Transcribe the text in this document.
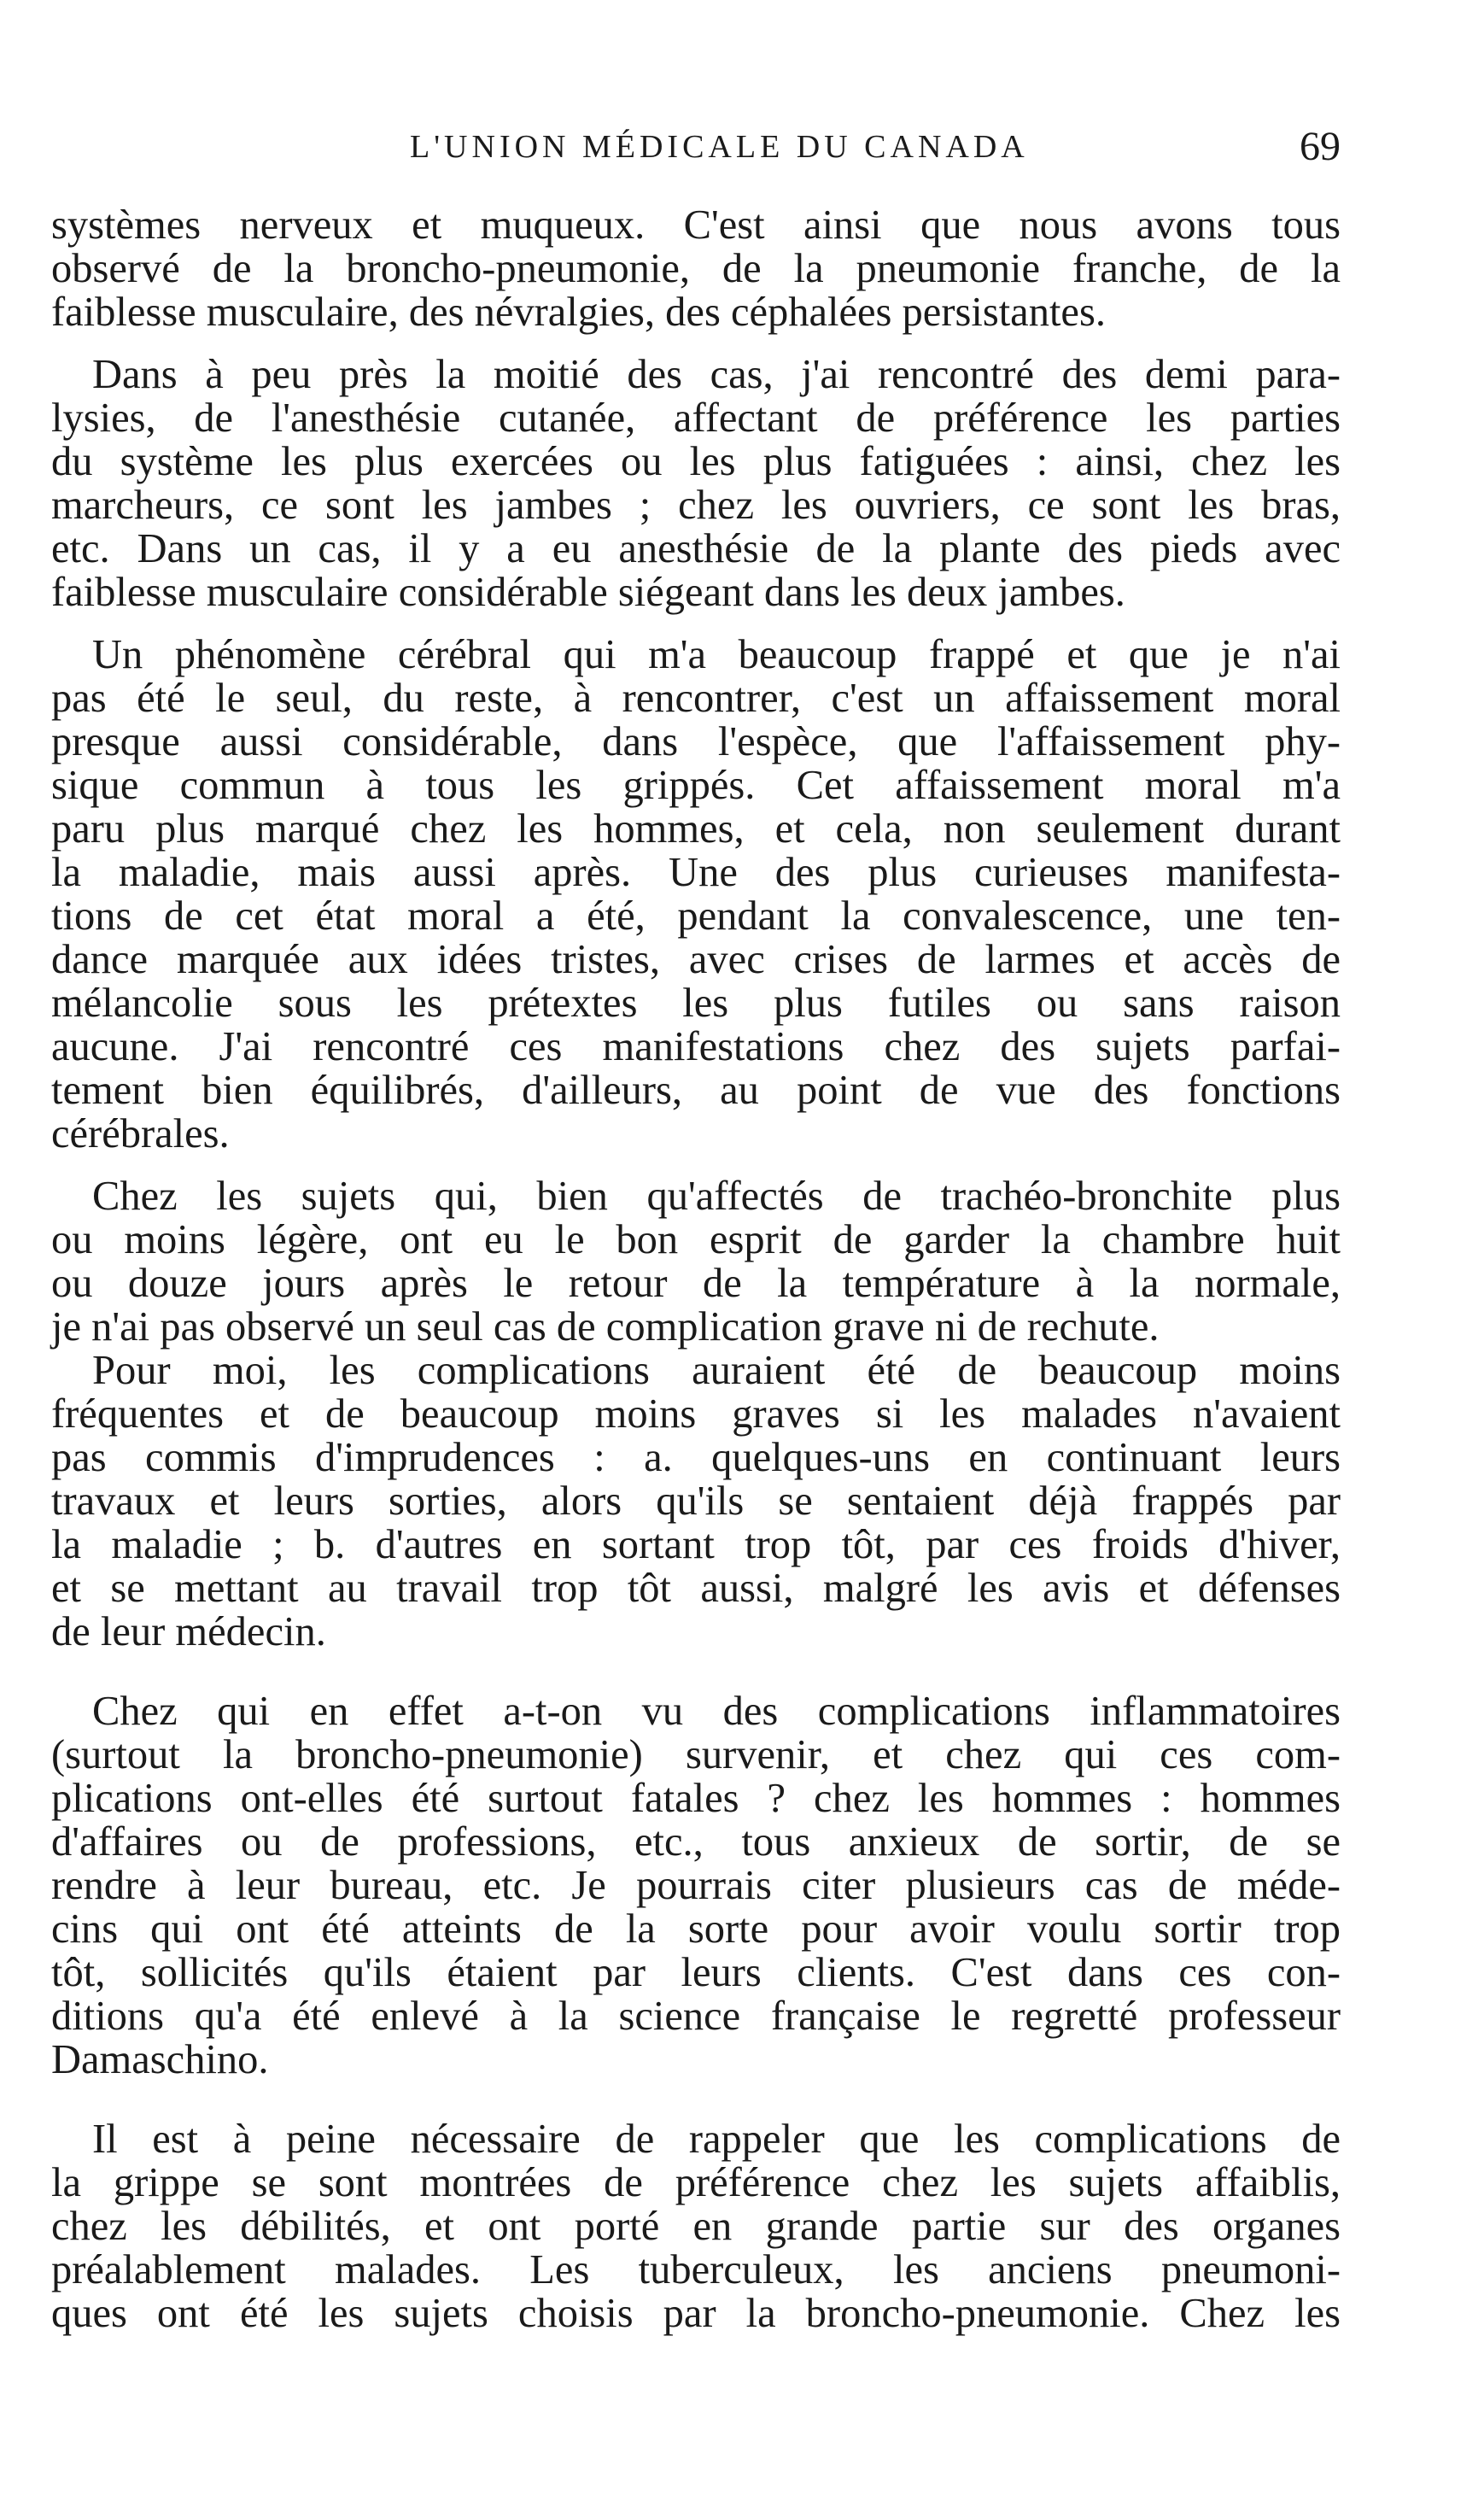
L'UNION MÉDICALE DU CANADA	69
systèmes nerveux et muqueux. C'est ainsi que nous avons tous
observé de la broncho-pneumonie, de la pneumonie franche, de la
faiblesse musculaire, des névralgies, des céphalées persistantes.
Dans à peu près la moitié des cas, j'ai rencontré des demi para-
lysies, de l'anesthésie cutanée, affectant de préférence les parties
du système les plus exercées ou les plus fatiguées : ainsi, chez les
marcheurs, ce sont les jambes ; chez les ouvriers, ce sont les bras,
etc. Dans un cas, il y a eu anesthésie de la plante des pieds avec
faiblesse musculaire considérable siégeant dans les deux jambes.
Un phénomène cérébral qui m'a beaucoup frappé et que je n'ai
pas été le seul, du reste, à rencontrer, c'est un affaissement moral
presque aussi considérable, dans l'espèce, que l'affaissement phy-
sique commun à tous les grippés. Cet affaissement moral m'a
paru plus marqué chez les hommes, et cela, non seulement durant
la maladie, mais aussi après. Une des plus curieuses manifesta-
tions de cet état moral a été, pendant la convalescence, une ten-
dance marquée aux idées tristes, avec crises de larmes et accès de
mélancolie sous les prétextes les plus futiles ou sans raison
aucune. J'ai rencontré ces manifestations chez des sujets parfai-
tement bien équilibrés, d'ailleurs, au point de vue des fonctions
cérébrales.
Chez les sujets qui, bien qu'affectés de trachéo-bronchite plus
ou moins légère, ont eu le bon esprit de garder la chambre huit
ou douze jours après le retour de la température à la normale,
je n'ai pas observé un seul cas de complication grave ni de rechute.
Pour moi, les complications auraient été de beaucoup moins
fréquentes et de beaucoup moins graves si les malades n'avaient
pas commis d'imprudences : a. quelques-uns en continuant leurs
travaux et leurs sorties, alors qu'ils se sentaient déjà frappés par
la maladie ; b. d'autres en sortant trop tôt, par ces froids d'hiver,
et se mettant au travail trop tôt aussi, malgré les avis et défenses
de leur médecin.
Chez qui en effet a-t-on vu des complications inflammatoires
(surtout la broncho-pneumonie) survenir, et chez qui ces com-
plications ont-elles été surtout fatales ? chez les hommes : hommes
d'affaires ou de professions, etc., tous anxieux de sortir, de se
rendre à leur bureau, etc. Je pourrais citer plusieurs cas de méde-
cins qui ont été atteints de la sorte pour avoir voulu sortir trop
tôt, sollicités qu'ils étaient par leurs clients. C'est dans ces con-
ditions qu'a été enlevé à la science française le regretté professeur
Damaschino.
Il est à peine nécessaire de rappeler que les complications de
la grippe se sont montrées de préférence chez les sujets affaiblis,
chez les débilités, et ont porté en grande partie sur des organes
préalablement malades. Les tuberculeux, les anciens pneumoni-
ques ont été les sujets choisis par la broncho-pneumonie. Chez les
